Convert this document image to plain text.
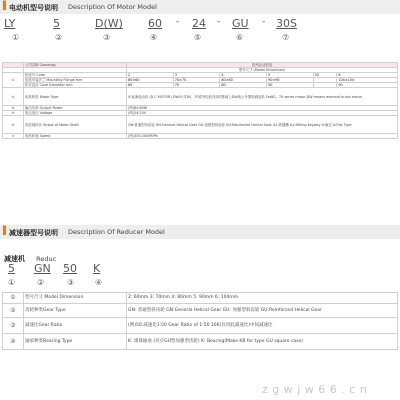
▌ 电动机型号说明 Description Of Motor Model
LY	5	D(W) 60 - 24 - GU - 30S
①	②	③	④	⑤	⑥	⑦
	公司名称 Comanpy	常州企业机电					
		型号尺寸 (Model Dimension)					
①	机座号 Code	2	3	4	5	55	6
	电机安装法兰 Mounting Flange mm	60×60	70×70	80×80	90×90		104×104
	机壳直径 Case Diameter mm	60	70	80	90		90
③	电机种类 Motor Type	0:直流电动机 (D.C MOTOR) DW:针对80、70系列电机在D的基础上DW表示外置电刷电机 For80、70 series motor,DW means external brush motor					
④	输出功率 Output Power	(例)60:60W					
⑤	电压电压 Voltage	(例)24:24V					
⑥	电机轴形状 Shape of Motor Shaft	GN:普通型斜齿轮 GN:General Helical Gear GU:加强型斜齿轮 GU:Reinforced Helical Gear A1:铣键槽 A1:Milling Keyway A:扁位 A:Flat Type					
⑦	电机转速 Speed	(例)30S:3000RPM					
▌ 减速器型号说明 Description Of Reducer Model
减速机 Reduc
5 GN 50 K
①	②	③	④
①	型号尺寸 Model Dimension	2: 60mm 3: 70mm 4: 80mm 5: 90mm 6: 104mm
②	齿轮种类Gear Type	GN: 普通型斜齿轮 GN:General Helical Gear GU: 加强型斜齿轮 GU:Reinforced Helical Gear
③	减速比Gear Ratio	(例)50:减速比1:50 Gear Ratio of 1:50 10K(仅用此减速比)中间减速比
④	轴承种类Bearing Type	K: 滚珠轴承 (对应GU型加强型齿轮) K: Bearing(Make KB for type GU square case)
z g w j w 6 6 . c n
